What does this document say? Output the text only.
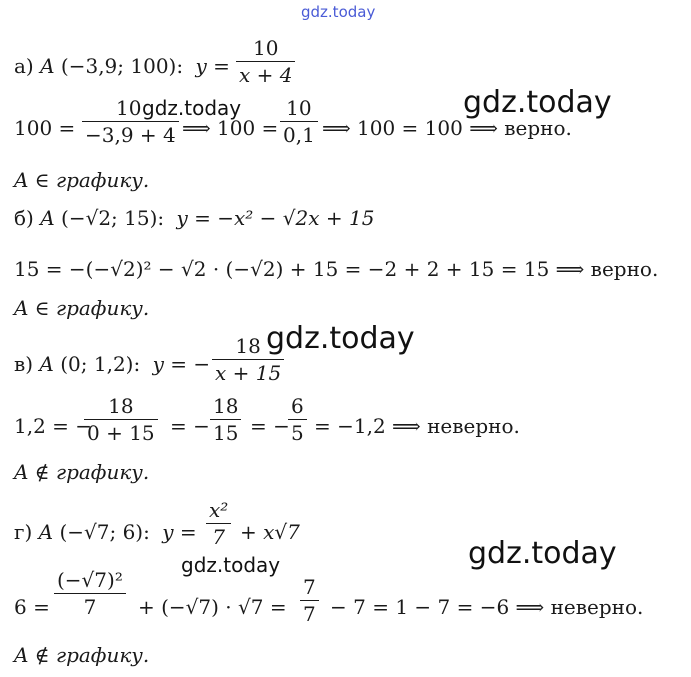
gdz.today
gdz.today
gdz.today
gdz.today
gdz.today
gdz.today
а) A (−3,9; 100): $y = \frac{10}{x + 4}$
100 = −3,9 + 4
10
⟹ $100 = \frac{10}{0,1}$ ⟹ 100 = 100 ⟹ верно.
A ∈ графику.
б) A (−√2; 15): y = −x² − √2x + 15
15 = −(−√2)² − √2 · (−√2) + 15 = −2 + 2 + 15 = 15 ⟹ верно.
A ∈ графику.
в) A (0; 1,2): y = − $\frac{18}{x + 15}$
1,2 = −
$\frac{18}{0 + 15}$ = − $\frac{18}{15}$ = −
$\frac{6}{5} = -1,2$ ⟹ неверно.
A ∉ графику.
г) A (−√7; 6): $y = \frac{\text{x²}}{7} + x√7$
$6 = \frac{\text{(−√7)²}}{7} + (-√7) \cdot √7 = \frac{7}{7} - 7 = 1 - 7 = -6$ ⟹ неверно.
A ∉ графику.
